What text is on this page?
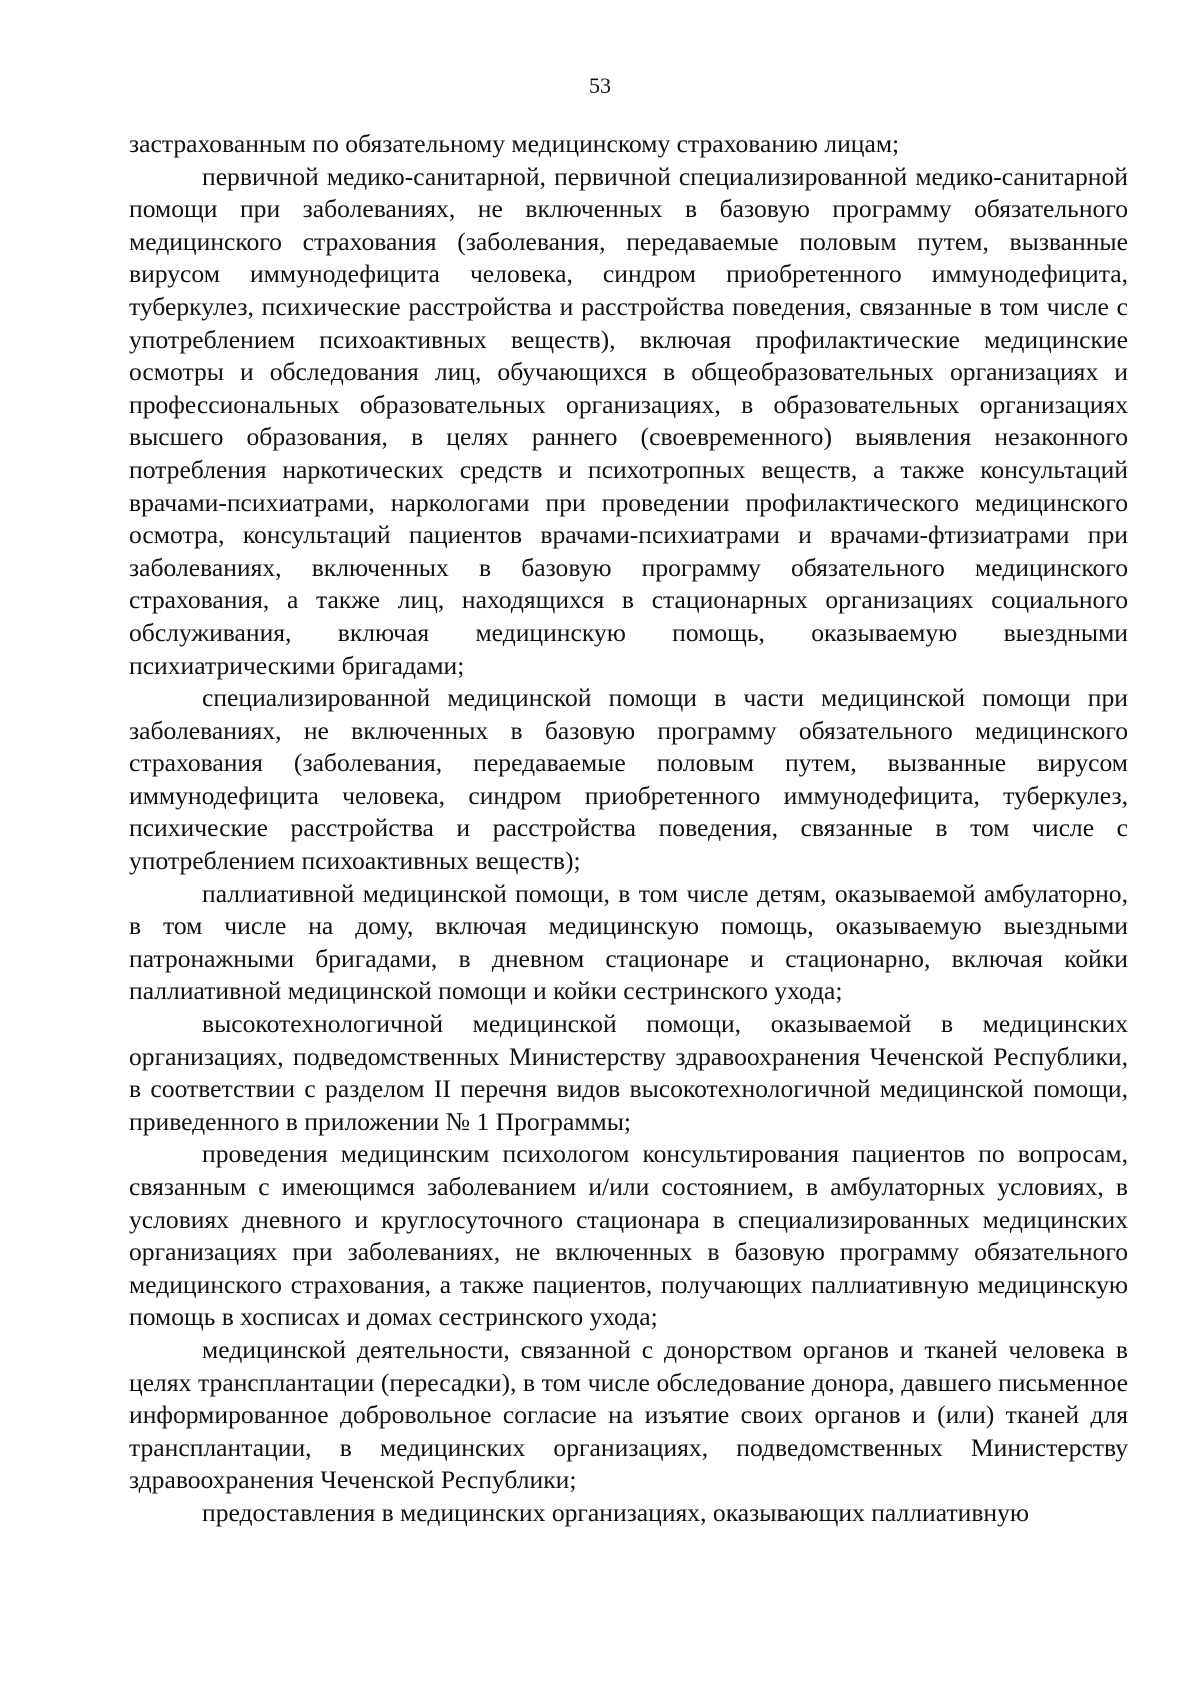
53

застрахованным по обязательному медицинскому страхованию лицам;

первичной медико-санитарной, первичной специализированной медико-санитарной помощи при заболеваниях, не включенных в базовую программу обязательного медицинского страхования (заболевания, передаваемые половым путем, вызванные вирусом иммунодефицита человека, синдром приобретенного иммунодефицита, туберкулез, психические расстройства и расстройства поведения, связанные в том числе с употреблением психоактивных веществ), включая профилактические медицинские осмотры и обследования лиц, обучающихся в общеобразовательных организациях и профессиональных образовательных организациях, в образовательных организациях высшего образования, в целях раннего (своевременного) выявления незаконного потребления наркотических средств и психотропных веществ, а также консультаций врачами-психиатрами, наркологами при проведении профилактического медицинского осмотра, консультаций пациентов врачами-психиатрами и врачами-фтизиатрами при заболеваниях, включенных в базовую программу обязательного медицинского страхования, а также лиц, находящихся в стационарных организациях социального обслуживания, включая медицинскую помощь, оказываемую выездными психиатрическими бригадами;

специализированной медицинской помощи в части медицинской помощи при заболеваниях, не включенных в базовую программу обязательного медицинского страхования (заболевания, передаваемые половым путем, вызванные вирусом иммунодефицита человека, синдром приобретенного иммунодефицита, туберкулез, психические расстройства и расстройства поведения, связанные в том числе с употреблением психоактивных веществ);

паллиативной медицинской помощи, в том числе детям, оказываемой амбулаторно, в том числе на дому, включая медицинскую помощь, оказываемую выездными патронажными бригадами, в дневном стационаре и стационарно, включая койки паллиативной медицинской помощи и койки сестринского ухода;

высокотехнологичной медицинской помощи, оказываемой в медицинских организациях, подведомственных Министерству здравоохранения Чеченской Республики, в соответствии с разделом II перечня видов высокотехнологичной медицинской помощи, приведенного в приложении № 1 Программы;

проведения медицинским психологом консультирования пациентов по вопросам, связанным с имеющимся заболеванием и/или состоянием, в амбулаторных условиях, в условиях дневного и круглосуточного стационара в специализированных медицинских организациях при заболеваниях, не включенных в базовую программу обязательного медицинского страхования, а также пациентов, получающих паллиативную медицинскую помощь в хосписах и домах сестринского ухода;

медицинской деятельности, связанной с донорством органов и тканей человека в целях трансплантации (пересадки), в том числе обследование донора, давшего письменное информированное добровольное согласие на изъятие своих органов и (или) тканей для трансплантации, в медицинских организациях, подведомственных Министерству здравоохранения Чеченской Республики;

предоставления в медицинских организациях, оказывающих паллиативную
